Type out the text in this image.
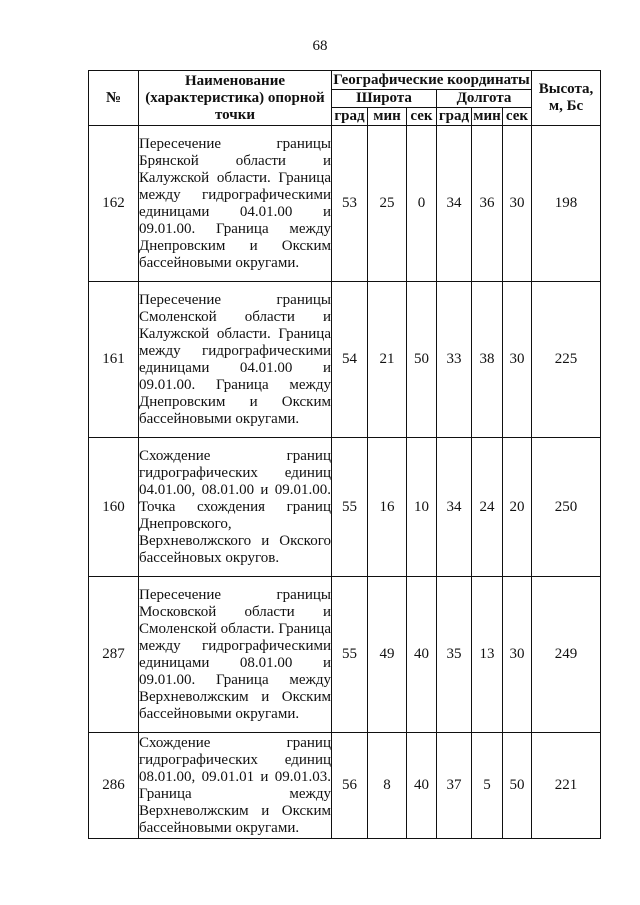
68
№	Наименование (характеристика) опорной точки	Географические координаты						Высота, м, Бс
		Широта			Долгота			
		град	мин	сек	град	мин	сек	
162	Пересечение границы Брянской области и Калужской области. Граница между гидрографическими единицами 04.01.00 и 09.01.00. Граница между Днепровским и Окским бассейновыми округами.	53	25	0	34	36	30	198
161	Пересечение границы Смоленской области и Калужской области. Граница между гидрографическими единицами 04.01.00 и 09.01.00. Граница между Днепровским и Окским бассейновыми округами.	54	21	50	33	38	30	225
160	Схождение границ гидрографических единиц 04.01.00, 08.01.00 и 09.01.00. Точка схождения границ Днепровского, Верхневолжского и Окского бассейновых округов.	55	16	10	34	24	20	250
287	Пересечение границы Московской области и Смоленской области. Граница между гидрографическими единицами 08.01.00 и 09.01.00. Граница между Верхневолжским и Окским бассейновыми округами.	55	49	40	35	13	30	249
286	Схождение границ гидрографических единиц 08.01.00, 09.01.01 и 09.01.03. Граница между Верхневолжским и Окским бассейновыми округами.	56	8	40	37	5	50	221
